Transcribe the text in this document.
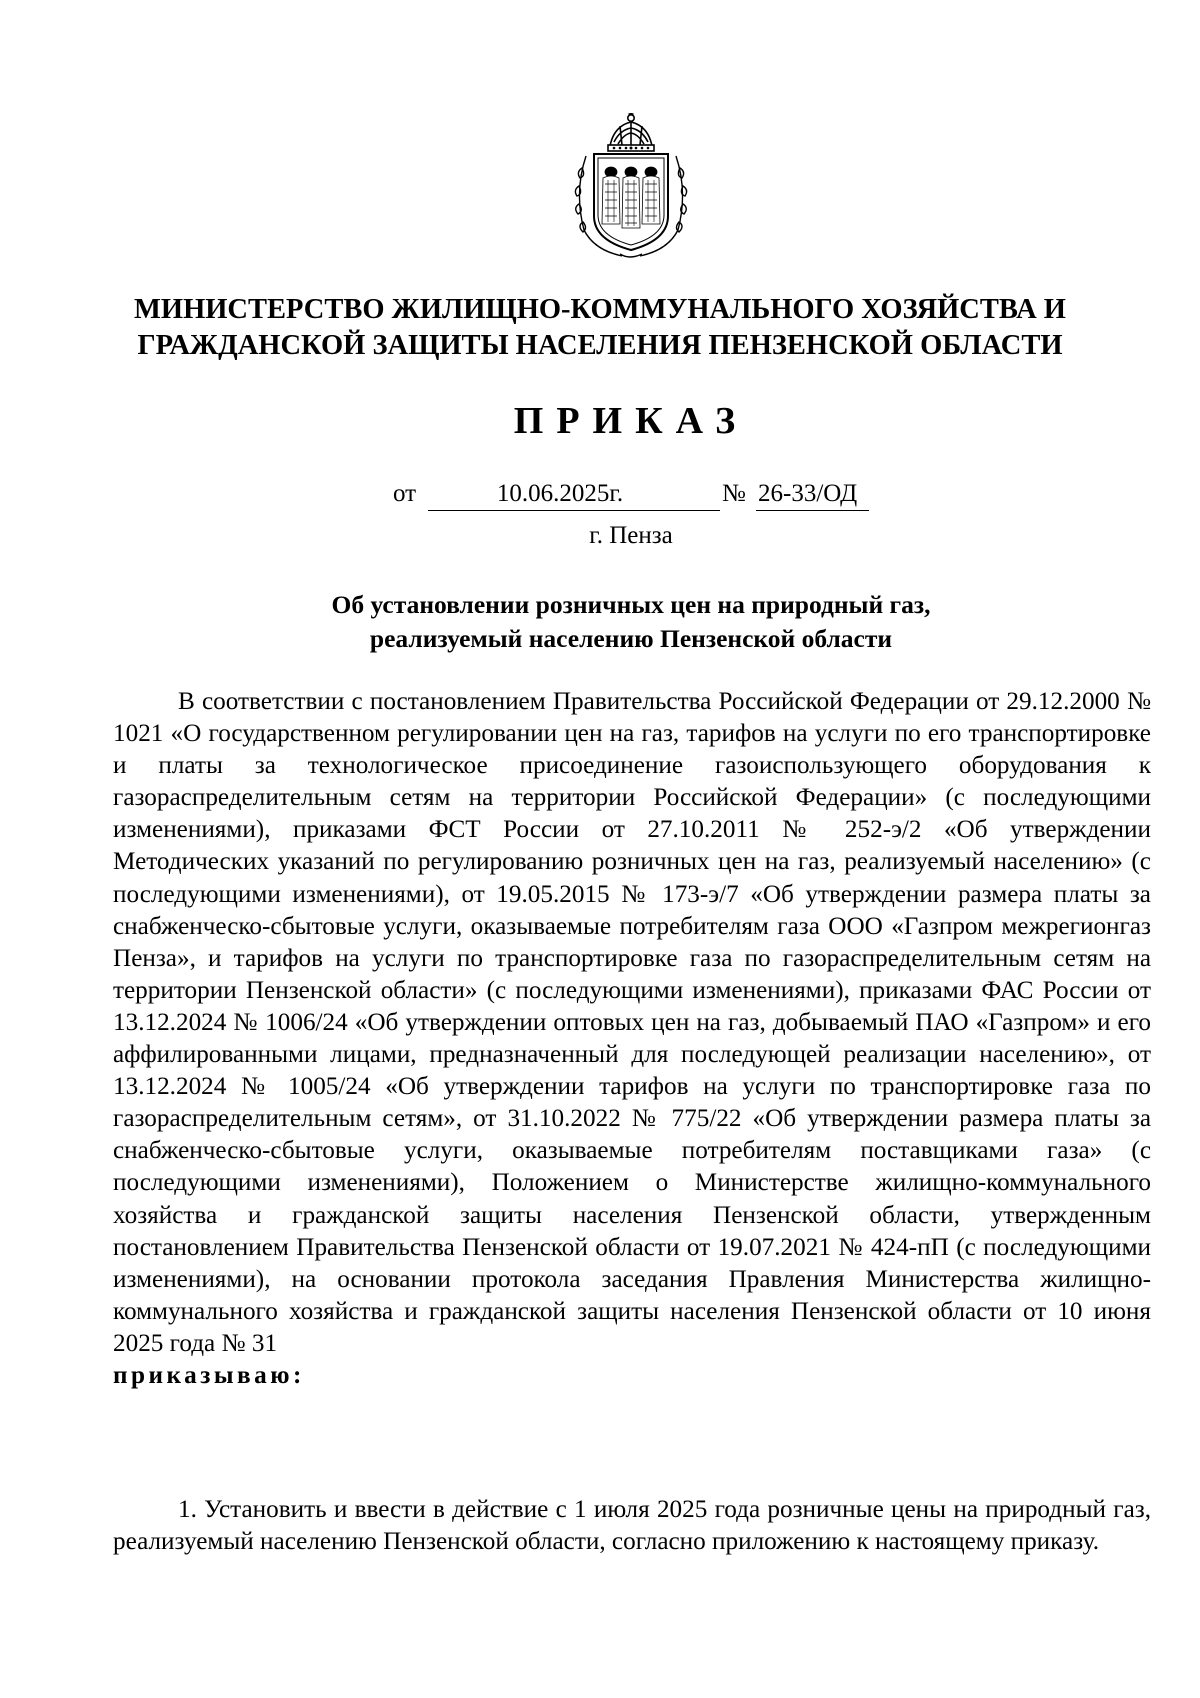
МИНИСТЕРСТВО ЖИЛИЩНО-КОММУНАЛЬНОГО ХОЗЯЙСТВА И
ГРАЖДАНСКОЙ ЗАЩИТЫ НАСЕЛЕНИЯ ПЕНЗЕНСКОЙ ОБЛАСТИ
ПРИКАЗ
от	10.06.2025г.	№ 26-33/ОД
г. Пенза
Об установлении розничных цен на природный газ,
реализуемый населению Пензенской области

В соответствии с постановлением Правительства Российской Федерации от 29.12.2000 № 1021 «О государственном регулировании цен на газ, тарифов на услуги по его транспортировке и платы за технологическое присоединение газоиспользующего оборудования к газораспределительным сетям на территории Российской Федерации» (с последующими изменениями), приказами ФСТ России от 27.10.2011 № 252-э/2 «Об утверждении Методических указаний по регулированию розничных цен на газ, реализуемый населению» (с последующими изменениями), от 19.05.2015 № 173-э/7 «Об утверждении размера платы за снабженческо-сбытовые услуги, оказываемые потребителям газа ООО «Газпром межрегионгаз Пенза», и тарифов на услуги по транспортировке газа по газораспределительным сетям на территории Пензенской области» (с последующими изменениями), приказами ФАС России от 13.12.2024 № 1006/24 «Об утверждении оптовых цен на газ, добываемый ПАО «Газпром» и его аффилированными лицами, предназначенный для последующей реализации населению», от 13.12.2024 № 1005/24 «Об утверждении тарифов на услуги по транспортировке газа по газораспределительным сетям», от 31.10.2022 № 775/22 «Об утверждении размера платы за снабженческо-сбытовые услуги, оказываемые потребителям поставщиками газа» (с последующими изменениями), Положением о Министерстве жилищно-коммунального хозяйства и гражданской защиты населения Пензенской области, утвержденным постановлением Правительства Пензенской области от 19.07.2021 № 424-пП (с последующими изменениями), на основании протокола заседания Правления Министерства жилищно-коммунального хозяйства и гражданской защиты населения Пензенской области от 10 июня 2025 года № 31
приказываю:

1. Установить и ввести в действие с 1 июля 2025 года розничные цены на природный газ, реализуемый населению Пензенской области, согласно приложению к настоящему приказу.
